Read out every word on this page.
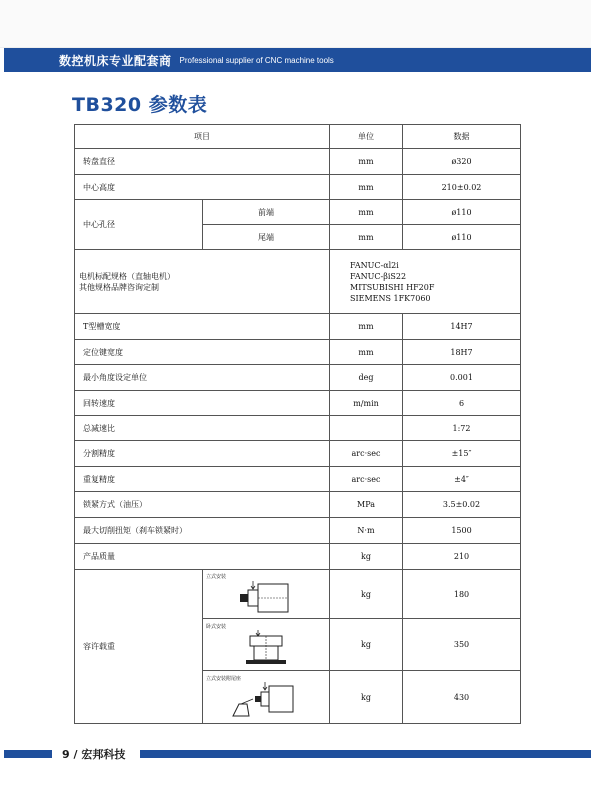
数控机床专业配套商 Professional supplier of CNC machine tools
TB320 参数表
项目		单位	数据
转盘直径		mm	ø320
中心高度		mm	210±0.02
中心孔径	前端	mm	ø110
	尾端	mm	ø110

电机标配规格（直轴电机）
其他规格品牌咨询定制		FANUC-αl2i
FANUC-βiS22
MITSUBISHI HF20F
SIEMENS 1FK7060	

T型槽宽度		mm	14H7
定位键宽度		mm	18H7
最小角度设定单位		deg	0.001
回转速度		m/min	6
总减速比			1:72
分割精度		arc·sec	±15″
重复精度		arc·sec	±4″
锁紧方式（油压）		MPa	3.5±0.02
最大切削扭矩（刹车锁紧时）		N·m	1500
产品质量		kg	210
容许载重	立式安装	kg	180

	卧式安装	kg	350

	立式安装附尾座	kg	430
9 / 宏邦科技
